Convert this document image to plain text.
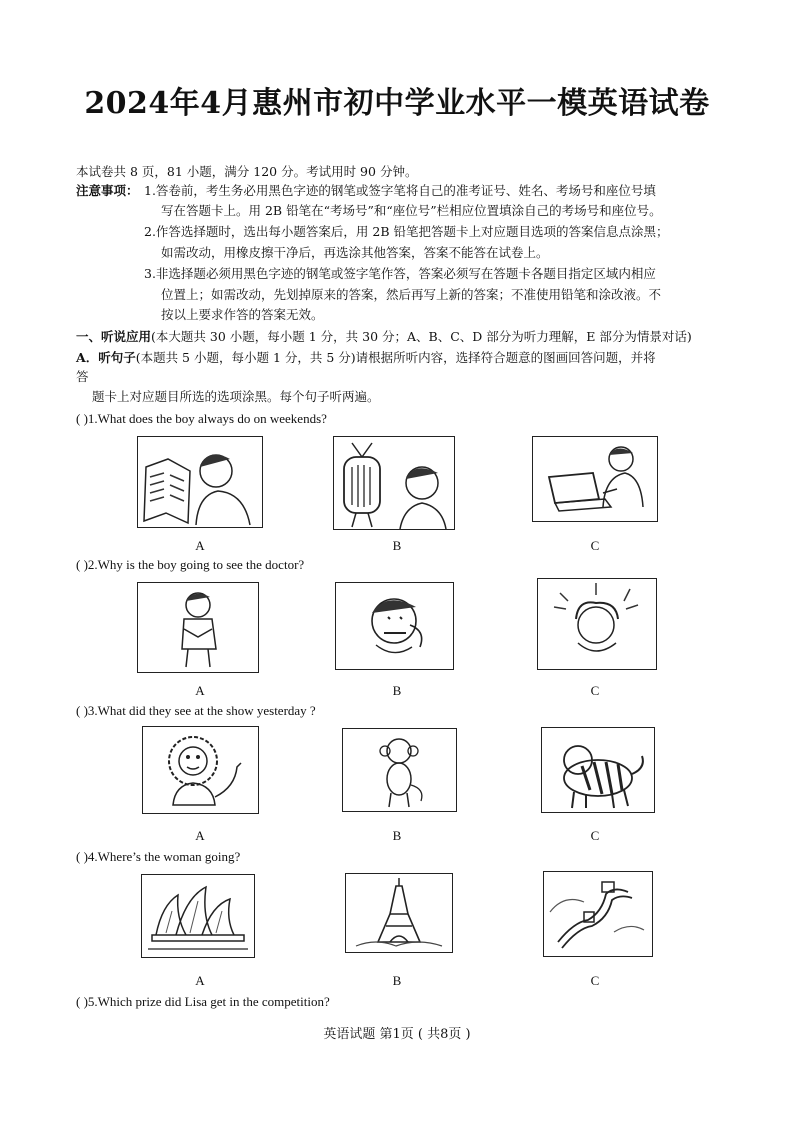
2024年4月惠州市初中学业水平一模英语试卷
本试卷共 8 页，81 小题，满分 120 分。考试用时 90 分钟。
注意事项： 1.答卷前，考生务必用黑色字迹的钢笔或签字笔将自己的准考证号、姓名、考场号和座位号填
写在答题卡上。用 2B 铅笔在“考场号”和“座位号”栏相应位置填涂自己的考场号和座位号。
2.作答选择题时，选出每小题答案后，用 2B 铅笔把答题卡上对应题目选项的答案信息点涂黑；
如需改动，用橡皮擦干净后，再选涂其他答案，答案不能答在试卷上。
3.非选择题必须用黑色字迹的钢笔或签字笔作答，答案必须写在答题卡各题目指定区域内相应
位置上；如需改动，先划掉原来的答案，然后再写上新的答案；不准使用铅笔和涂改液。不
按以上要求作答的答案无效。
一、听说应用(本大题共 30 小题，每小题 1 分，共 30 分；A、B、C、D 部分为听力理解，E 部分为情景对话)
A．听句子(本题共 5 小题，每小题 1 分，共 5 分)请根据所听内容，选择符合题意的图画回答问题，并将
答
题卡上对应题目所选的选项涂黑。每个句子听两遍。
( )1.What does the boy always do on weekends?
A	B	C
( )2.Why is the boy going to see the doctor?
A	B	C
( )3.What did they see at the show yesterday ?
A	B	C
( )4.Where’s the woman going?
A	B	C
( )5.Which prize did Lisa get in the competition?
英语试题 第1页 ( 共8页 )
